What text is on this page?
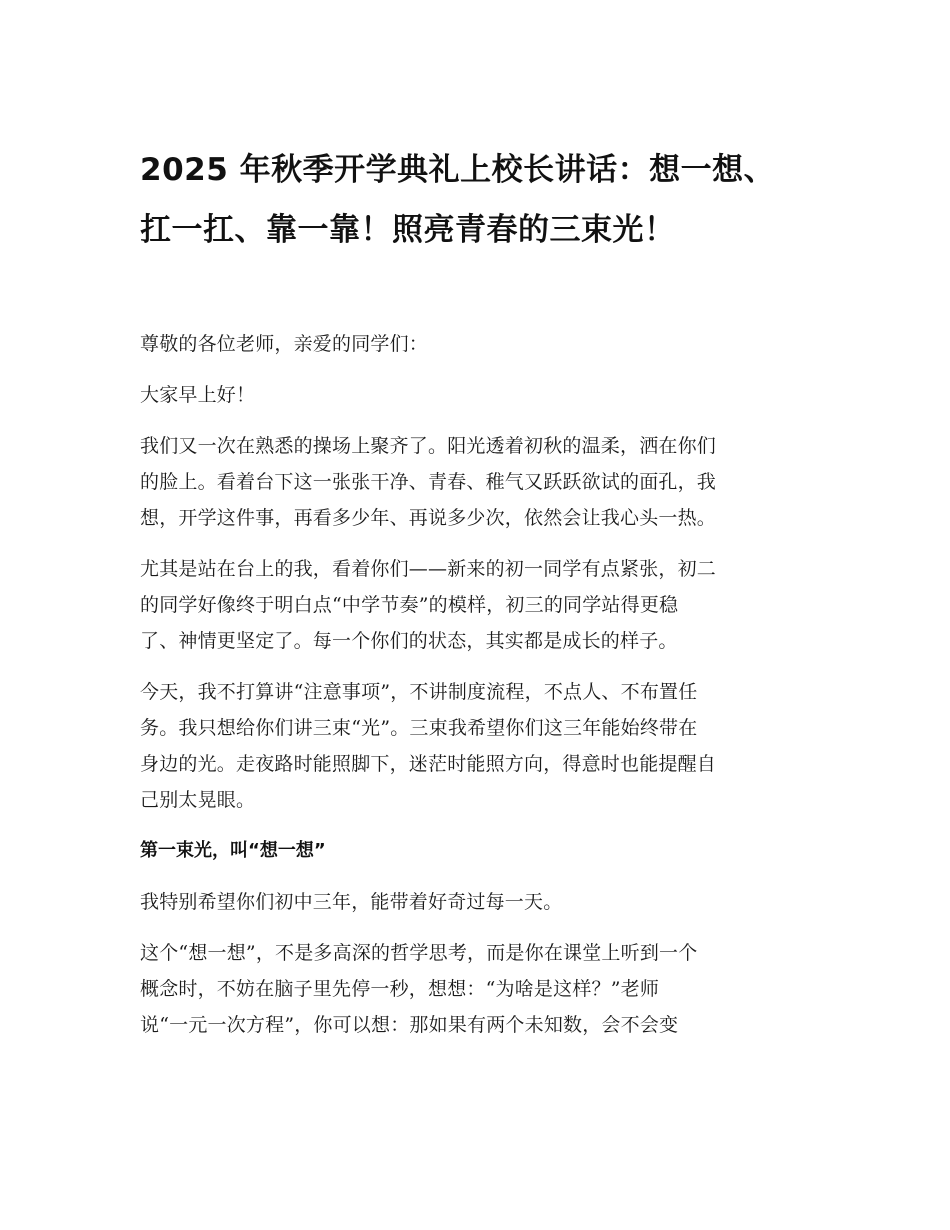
2025 年秋季开学典礼上校长讲话：想一想、
扛一扛、靠一靠！照亮青春的三束光！

尊敬的各位老师，亲爱的同学们：

大家早上好！

我们又一次在熟悉的操场上聚齐了。阳光透着初秋的温柔，洒在你们
的脸上。看着台下这一张张干净、青春、稚气又跃跃欲试的面孔，我
想，开学这件事，再看多少年、再说多少次，依然会让我心头一热。

尤其是站在台上的我，看着你们——新来的初一同学有点紧张，初二
的同学好像终于明白点“中学节奏”的模样，初三的同学站得更稳
了、神情更坚定了。每一个你们的状态，其实都是成长的样子。

今天，我不打算讲“注意事项”，不讲制度流程，不点人、不布置任
务。我只想给你们讲三束“光”。三束我希望你们这三年能始终带在
身边的光。走夜路时能照脚下，迷茫时能照方向，得意时也能提醒自
己别太晃眼。

第一束光，叫“想一想”

我特别希望你们初中三年，能带着好奇过每一天。

这个“想一想”，不是多高深的哲学思考，而是你在课堂上听到一个
概念时，不妨在脑子里先停一秒，想想：“为啥是这样？”老师
说“一元一次方程”，你可以想：那如果有两个未知数，会不会变
